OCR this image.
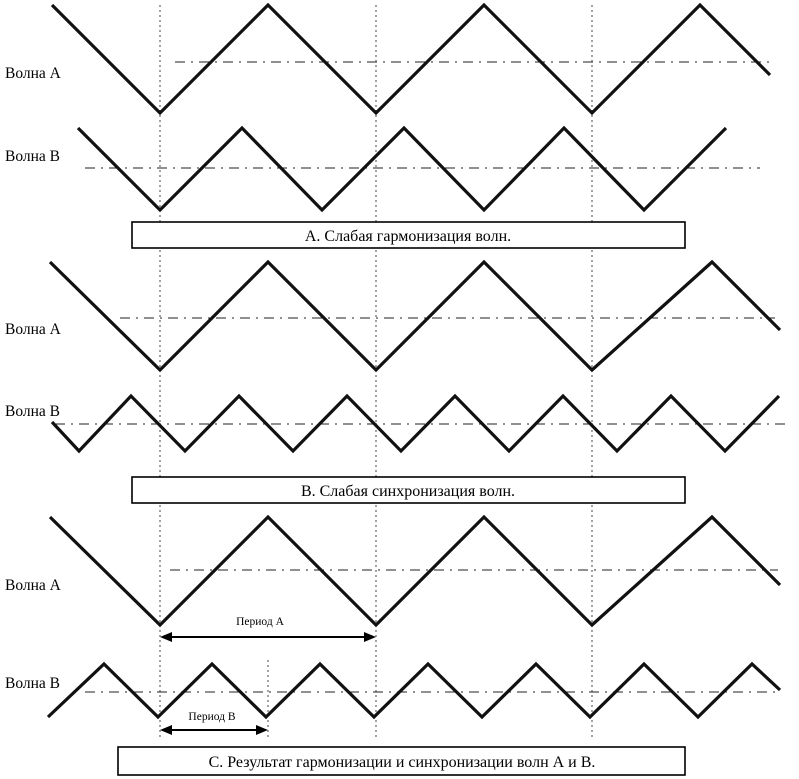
Волна А
Волна В
А. Слабая гармонизация волн.
Волна А
Волна В
В. Слабая синхронизация волн.
Волна А
Волна В
Период А
Период В
С. Результат гармонизации и синхронизации волн А и В.
